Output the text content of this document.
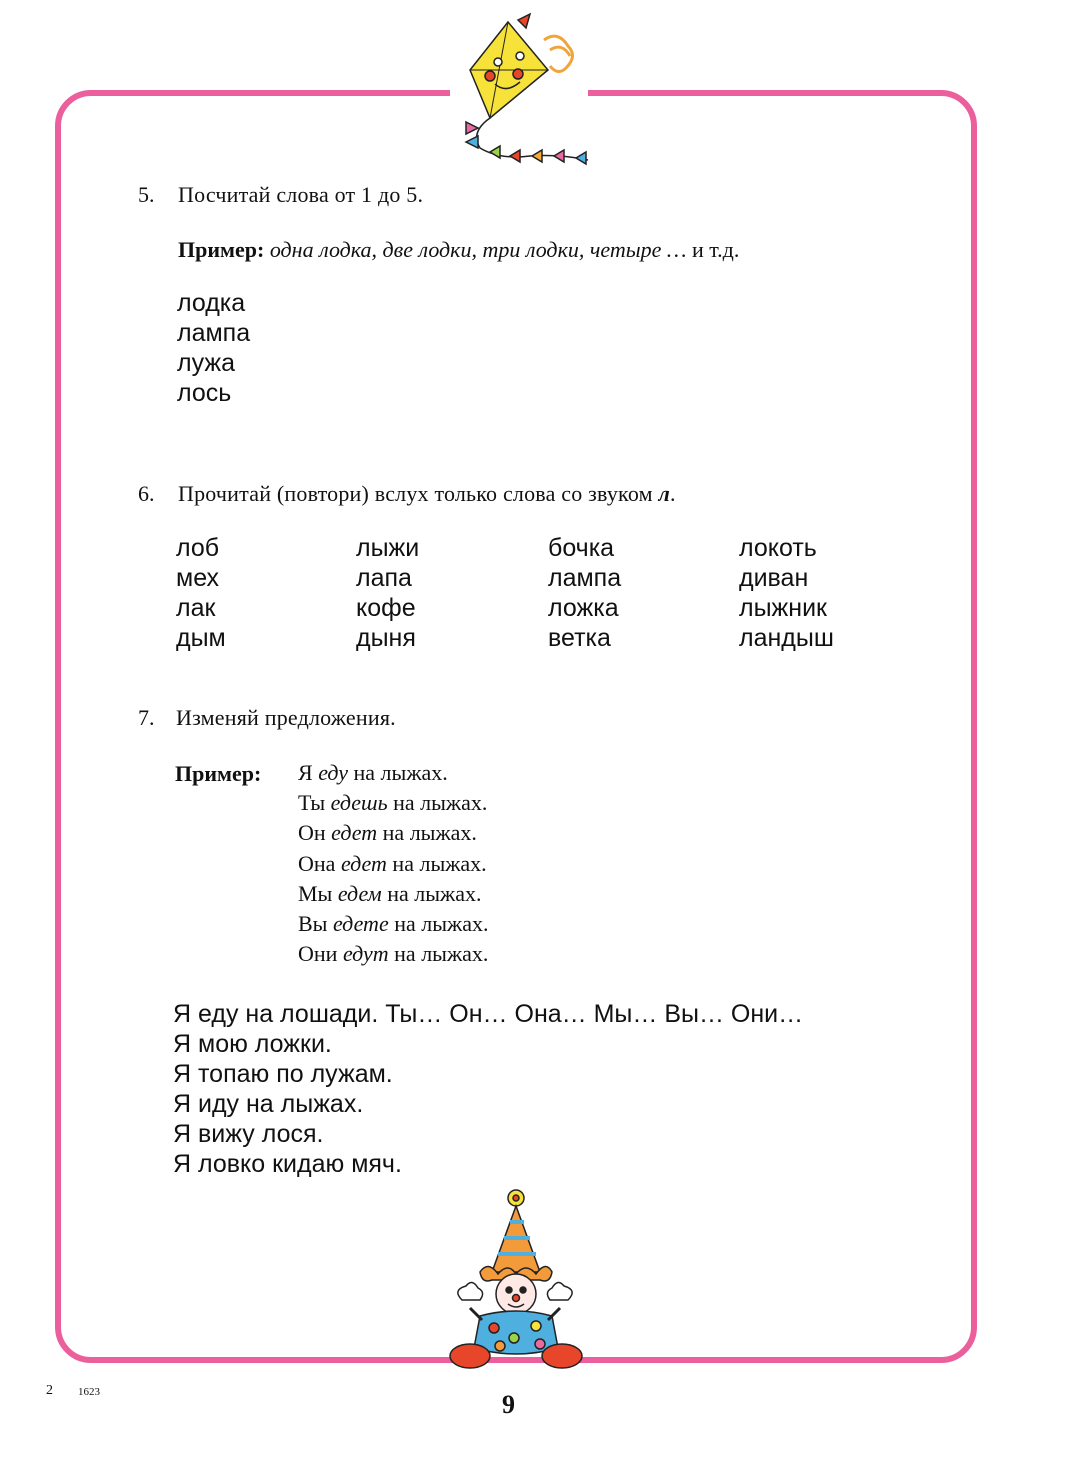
5. Посчитай слова от 1 до 5.
Пример: одна лодка, две лодки, три лодки, четыре … и т.д.
лодка
лампа
лужа
лось
6. Прочитай (повтори) вслух только слова со звуком л.
лоб
мех
лак
дым
лыжи
лапа
кофе
дыня
бочка
лампа
ложка
ветка
локоть
диван
лыжник
ландыш
7. Изменяй предложения.
Пример: Я еду на лыжах.
Ты едешь на лыжах.
Он едет на лыжах.
Она едет на лыжах.
Мы едем на лыжах.
Вы едете на лыжах.
Они едут на лыжах.
Я еду на лошади. Ты… Он… Она… Мы… Вы… Они…
Я мою ложки.
Я топаю по лужам.
Я иду на лыжах.
Я вижу лося.
Я ловко кидаю мяч.
2 1623	9
